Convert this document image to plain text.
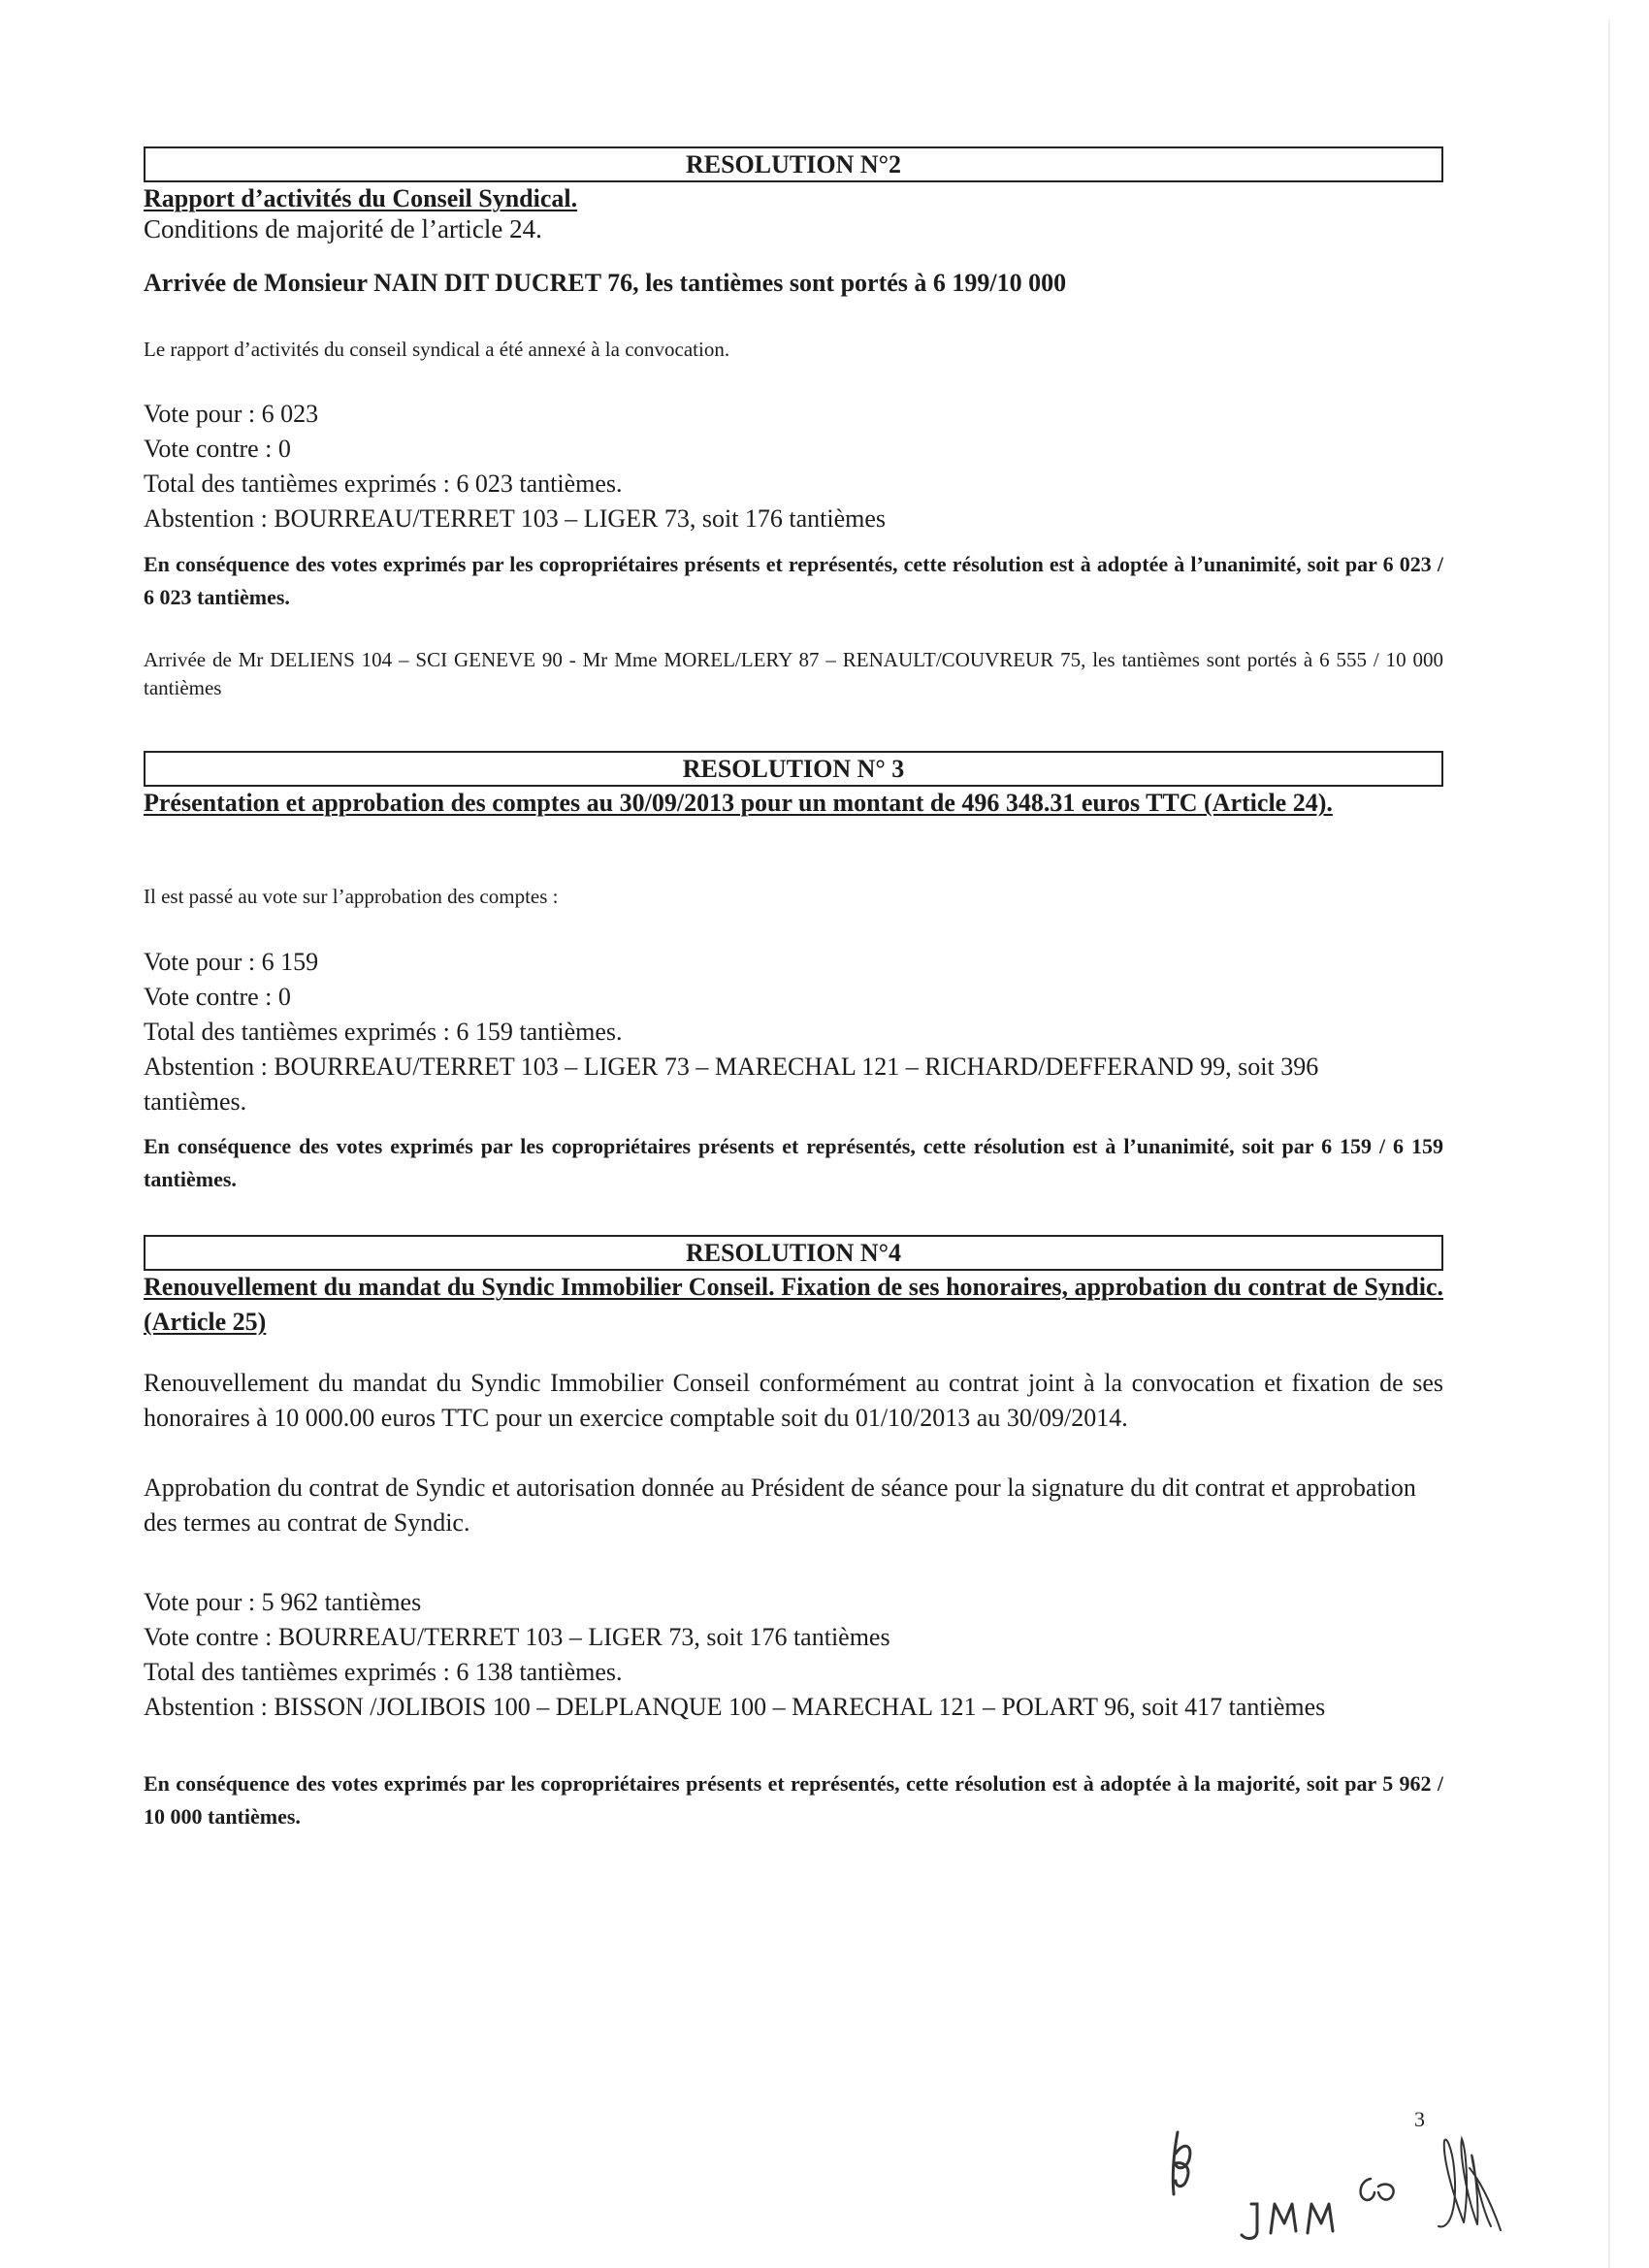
RESOLUTION N°2
Rapport d’activités du Conseil Syndical.
Conditions de majorité de l’article 24.
Arrivée de Monsieur NAIN DIT DUCRET 76, les tantièmes sont portés à 6 199/10 000
Le rapport d’activités du conseil syndical a été annexé à la convocation.
Vote pour : 6 023
Vote contre : 0
Total des tantièmes exprimés : 6 023 tantièmes.
Abstention : BOURREAU/TERRET 103 – LIGER 73, soit 176 tantièmes
En conséquence des votes exprimés par les copropriétaires présents et représentés, cette résolution est à adoptée à l’unanimité, soit par 6 023 / 6 023 tantièmes.
Arrivée de Mr DELIENS 104 – SCI GENEVE 90 - Mr Mme MOREL/LERY 87 – RENAULT/COUVREUR 75, les tantièmes sont portés à 6 555 / 10 000 tantièmes
RESOLUTION N° 3
Présentation et approbation des comptes au 30/09/2013 pour un montant de 496 348.31 euros TTC (Article 24).
Il est passé au vote sur l’approbation des comptes :
Vote pour : 6 159
Vote contre : 0
Total des tantièmes exprimés : 6 159 tantièmes.
Abstention : BOURREAU/TERRET 103 – LIGER 73 – MARECHAL 121 – RICHARD/DEFFERAND 99, soit 396 tantièmes.
En conséquence des votes exprimés par les copropriétaires présents et représentés, cette résolution est à l’unanimité, soit par 6 159 / 6 159 tantièmes.
RESOLUTION N°4
Renouvellement du mandat du Syndic Immobilier Conseil. Fixation de ses honoraires, approbation du contrat de Syndic.(Article 25)
Renouvellement du mandat du Syndic Immobilier Conseil conformément au contrat joint à la convocation et fixation de ses honoraires à 10 000.00 euros TTC pour un exercice comptable soit du 01/10/2013 au 30/09/2014.
Approbation du contrat de Syndic et autorisation donnée au Président de séance pour la signature du dit contrat et approbation des termes au contrat de Syndic.
Vote pour : 5 962 tantièmes
Vote contre : BOURREAU/TERRET 103 – LIGER 73, soit 176 tantièmes
Total des tantièmes exprimés : 6 138 tantièmes.
Abstention : BISSON /JOLIBOIS 100 – DELPLANQUE 100 – MARECHAL 121 – POLART 96, soit 417 tantièmes
En conséquence des votes exprimés par les copropriétaires présents et représentés, cette résolution est à adoptée à la majorité, soit par 5 962 / 10 000 tantièmes.
3
